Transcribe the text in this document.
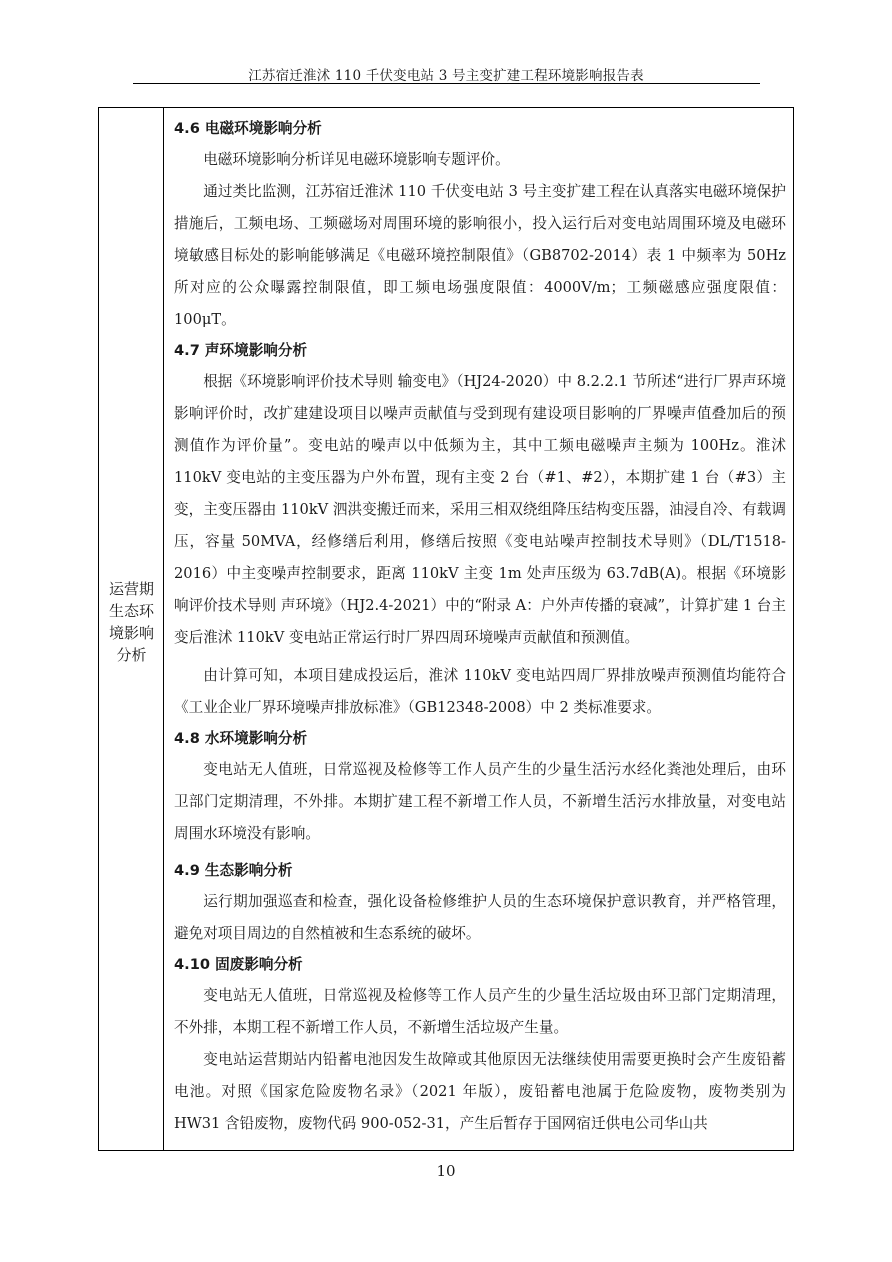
江苏宿迁淮沭 110 千伏变电站 3 号主变扩建工程环境影响报告表
运营期
生态环
境影响
分析

4.6 电磁环境影响分析

电磁环境影响分析详见电磁环境影响专题评价。

通过类比监测，江苏宿迁淮沭 110 千伏变电站 3 号主变扩建工程在认真落实电磁环境保护措施后，工频电场、工频磁场对周围环境的影响很小，投入运行后对变电站周围环境及电磁环境敏感目标处的影响能够满足《电磁环境控制限值》（GB8702-2014）表 1 中频率为 50Hz 所对应的公众曝露控制限值，即工频电场强度限值：4000V/m；工频磁感应强度限值：100μT。

4.7 声环境影响分析

根据《环境影响评价技术导则 输变电》（HJ24-2020）中 8.2.2.1 节所述“进行厂界声环境影响评价时，改扩建建设项目以噪声贡献值与受到现有建设项目影响的厂界噪声值叠加后的预测值作为评价量”。变电站的噪声以中低频为主，其中工频电磁噪声主频为 100Hz。淮沭 110kV 变电站的主变压器为户外布置，现有主变 2 台（#1、#2），本期扩建 1 台（#3）主变，主变压器由 110kV 泗洪变搬迁而来，采用三相双绕组降压结构变压器，油浸自冷、有载调压，容量 50MVA，经修缮后利用，修缮后按照《变电站噪声控制技术导则》（DL/T1518-2016）中主变噪声控制要求，距离 110kV 主变 1m 处声压级为 63.7dB(A)。根据《环境影响评价技术导则 声环境》（HJ2.4-2021）中的“附录 A：户外声传播的衰减”，计算扩建 1 台主变后淮沭 110kV 变电站正常运行时厂界四周环境噪声贡献值和预测值。

由计算可知，本项目建成投运后，淮沭 110kV 变电站四周厂界排放噪声预测值均能符合《工业企业厂界环境噪声排放标准》（GB12348-2008）中 2 类标准要求。

4.8 水环境影响分析

变电站无人值班，日常巡视及检修等工作人员产生的少量生活污水经化粪池处理后，由环卫部门定期清理，不外排。本期扩建工程不新增工作人员，不新增生活污水排放量，对变电站周围水环境没有影响。

4.9 生态影响分析

运行期加强巡查和检查，强化设备检修维护人员的生态环境保护意识教育，并严格管理，避免对项目周边的自然植被和生态系统的破坏。

4.10 固废影响分析

变电站无人值班，日常巡视及检修等工作人员产生的少量生活垃圾由环卫部门定期清理，不外排，本期工程不新增工作人员，不新增生活垃圾产生量。

变电站运营期站内铅蓄电池因发生故障或其他原因无法继续使用需要更换时会产生废铅蓄电池。对照《国家危险废物名录》（2021 年版），废铅蓄电池属于危险废物，废物类别为 HW31 含铅废物，废物代码 900-052-31，产生后暂存于国网宿迁供电公司华山共

10
